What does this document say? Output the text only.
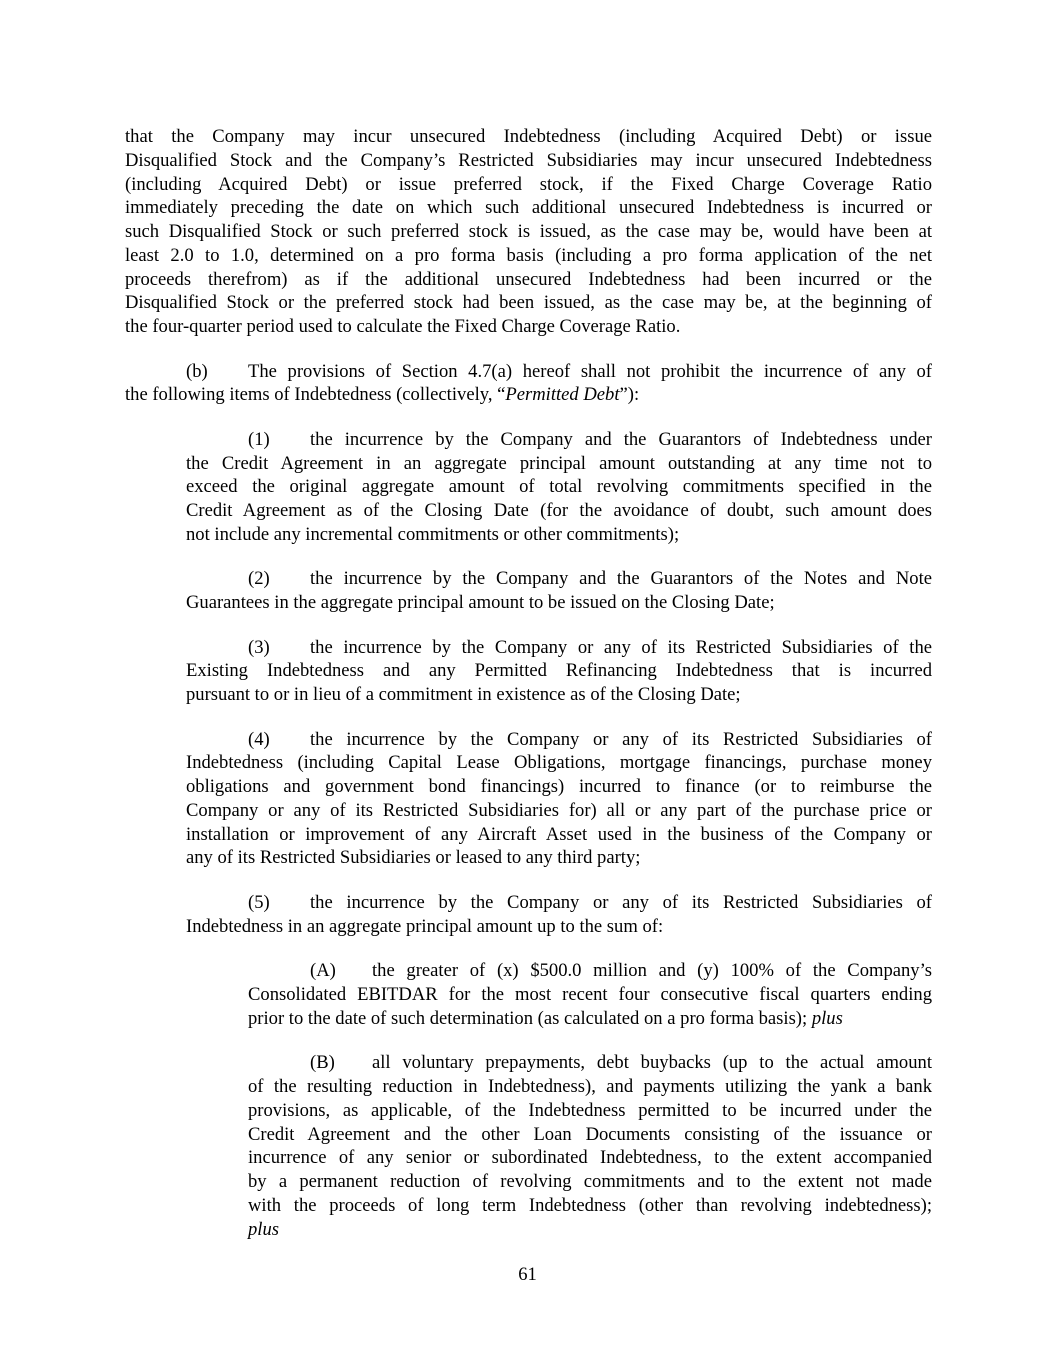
that the Company may incur unsecured Indebtedness (including Acquired Debt) or issue
Disqualified Stock and the Company’s Restricted Subsidiaries may incur unsecured Indebtedness
(including Acquired Debt) or issue preferred stock, if the Fixed Charge Coverage Ratio
immediately preceding the date on which such additional unsecured Indebtedness is incurred or
such Disqualified Stock or such preferred stock is issued, as the case may be, would have been at
least 2.0 to 1.0, determined on a pro forma basis (including a pro forma application of the net
proceeds therefrom) as if the additional unsecured Indebtedness had been incurred or the
Disqualified Stock or the preferred stock had been issued, as the case may be, at the beginning of
the four-quarter period used to calculate the Fixed Charge Coverage Ratio.
(b) The provisions of Section 4.7(a) hereof shall not prohibit the incurrence of any of
the following items of Indebtedness (collectively, “Permitted Debt”):
(1) the incurrence by the Company and the Guarantors of Indebtedness under
the Credit Agreement in an aggregate principal amount outstanding at any time not to
exceed the original aggregate amount of total revolving commitments specified in the
Credit Agreement as of the Closing Date (for the avoidance of doubt, such amount does
not include any incremental commitments or other commitments);
(2) the incurrence by the Company and the Guarantors of the Notes and Note
Guarantees in the aggregate principal amount to be issued on the Closing Date;
(3) the incurrence by the Company or any of its Restricted Subsidiaries of the
Existing Indebtedness and any Permitted Refinancing Indebtedness that is incurred
pursuant to or in lieu of a commitment in existence as of the Closing Date;
(4) the incurrence by the Company or any of its Restricted Subsidiaries of
Indebtedness (including Capital Lease Obligations, mortgage financings, purchase money
obligations and government bond financings) incurred to finance (or to reimburse the
Company or any of its Restricted Subsidiaries for) all or any part of the purchase price or
installation or improvement of any Aircraft Asset used in the business of the Company or
any of its Restricted Subsidiaries or leased to any third party;
(5) the incurrence by the Company or any of its Restricted Subsidiaries of
Indebtedness in an aggregate principal amount up to the sum of:
(A) the greater of (x) $500.0 million and (y) 100% of the Company’s
Consolidated EBITDAR for the most recent four consecutive fiscal quarters ending
prior to the date of such determination (as calculated on a pro forma basis); plus
(B) all voluntary prepayments, debt buybacks (up to the actual amount
of the resulting reduction in Indebtedness), and payments utilizing the yank a bank
provisions, as applicable, of the Indebtedness permitted to be incurred under the
Credit Agreement and the other Loan Documents consisting of the issuance or
incurrence of any senior or subordinated Indebtedness, to the extent accompanied
by a permanent reduction of revolving commitments and to the extent not made
with the proceeds of long term Indebtedness (other than revolving indebtedness);
plus
61
